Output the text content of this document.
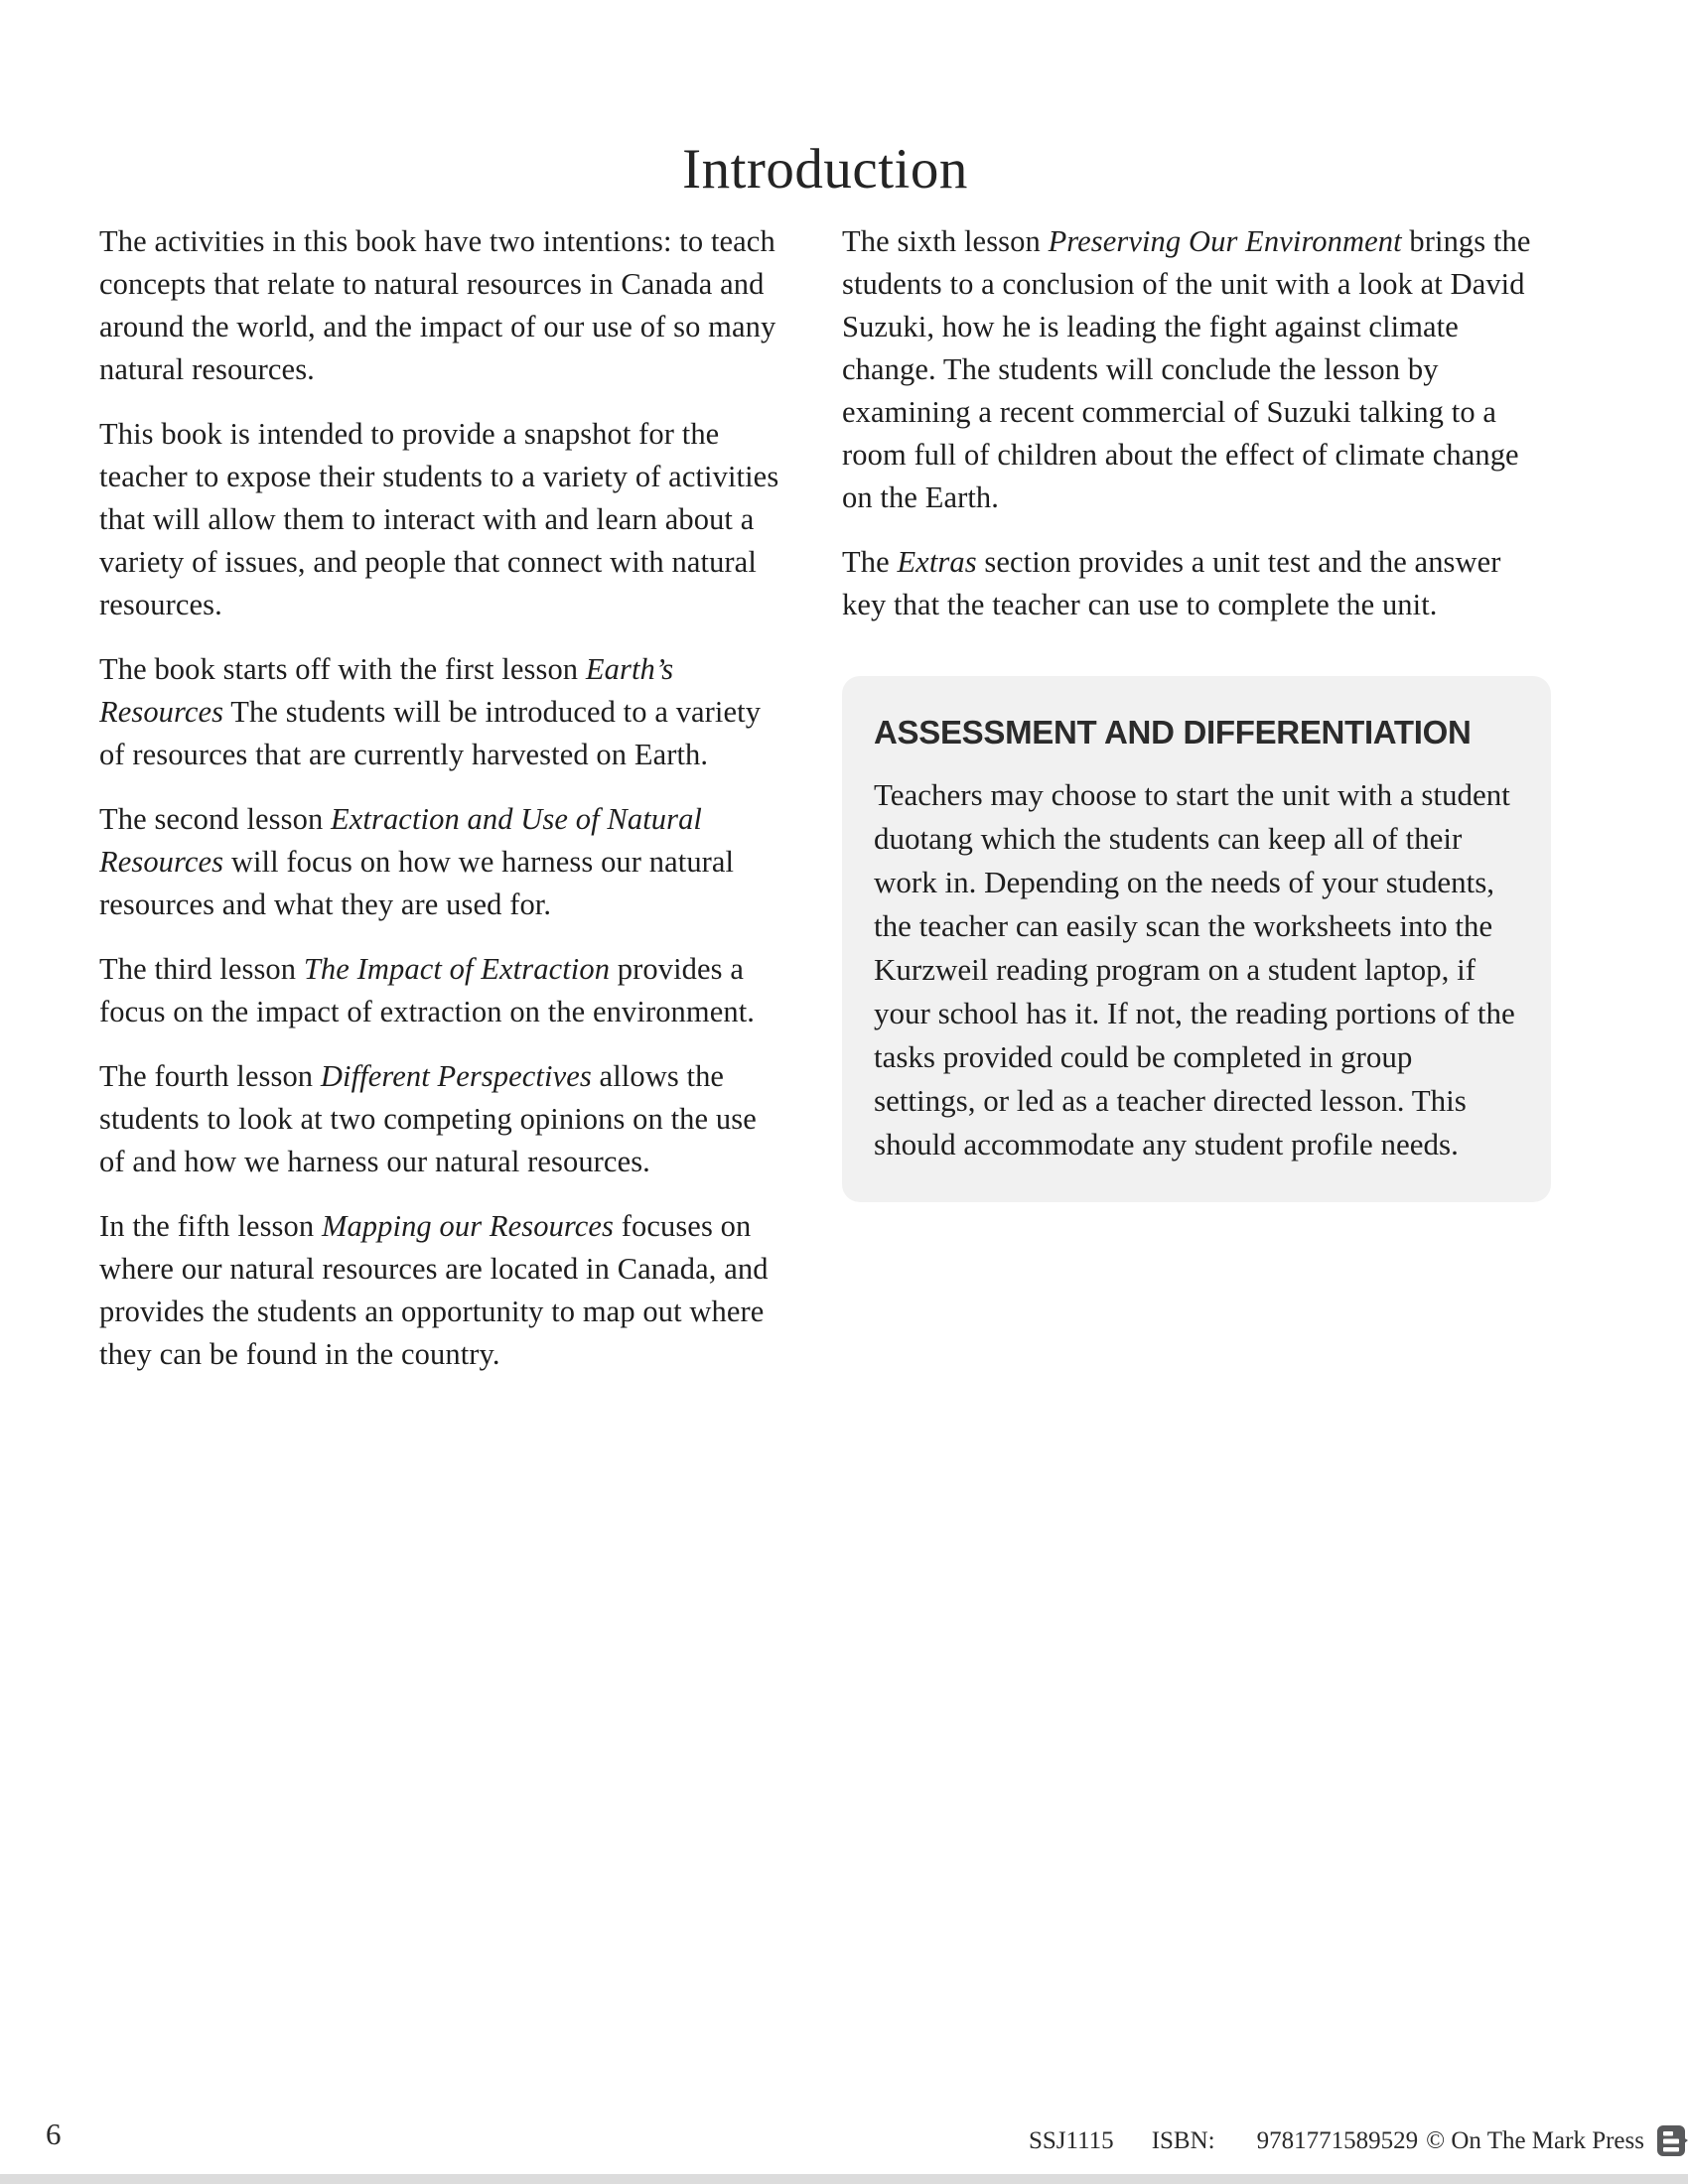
Introduction

The activities in this book have two intentions: to teach concepts that relate to natural resources in Canada and around the world, and the impact of our use of so many natural resources.

This book is intended to provide a snapshot for the teacher to expose their students to a variety of activities that will allow them to interact with and learn about a variety of issues, and people that connect with natural resources.

The book starts off with the first lesson Earth’s Resources The students will be introduced to a variety of resources that are currently harvested on Earth.

The second lesson Extraction and Use of Natural Resources will focus on how we harness our natural resources and what they are used for.

The third lesson The Impact of Extraction provides a focus on the impact of extraction on the environment.

The fourth lesson Different Perspectives allows the students to look at two competing opinions on the use of and how we harness our natural resources.

In the fifth lesson Mapping our Resources focuses on where our natural resources are located in Canada, and provides the students an opportunity to map out where they can be found in the country.

The sixth lesson Preserving Our Environment brings the students to a conclusion of the unit with a look at David Suzuki, how he is leading the fight against climate change. The students will conclude the lesson by examining a recent commercial of Suzuki talking to a room full of children about the effect of climate change on the Earth.

The Extras section provides a unit test and the answer key that the teacher can use to complete the unit.

ASSESSMENT AND DIFFERENTIATION
Teachers may choose to start the unit with a student duotang which the students can keep all of their work in. Depending on the needs of your students, the teacher can easily scan the worksheets into the Kurzweil reading program on a student laptop, if your school has it. If not, the reading portions of the tasks provided could be completed in group settings, or led as a teacher directed lesson. This should accommodate any student profile needs.
6	SSJ1115 ISBN: 9781771589529 © On The Mark Press
